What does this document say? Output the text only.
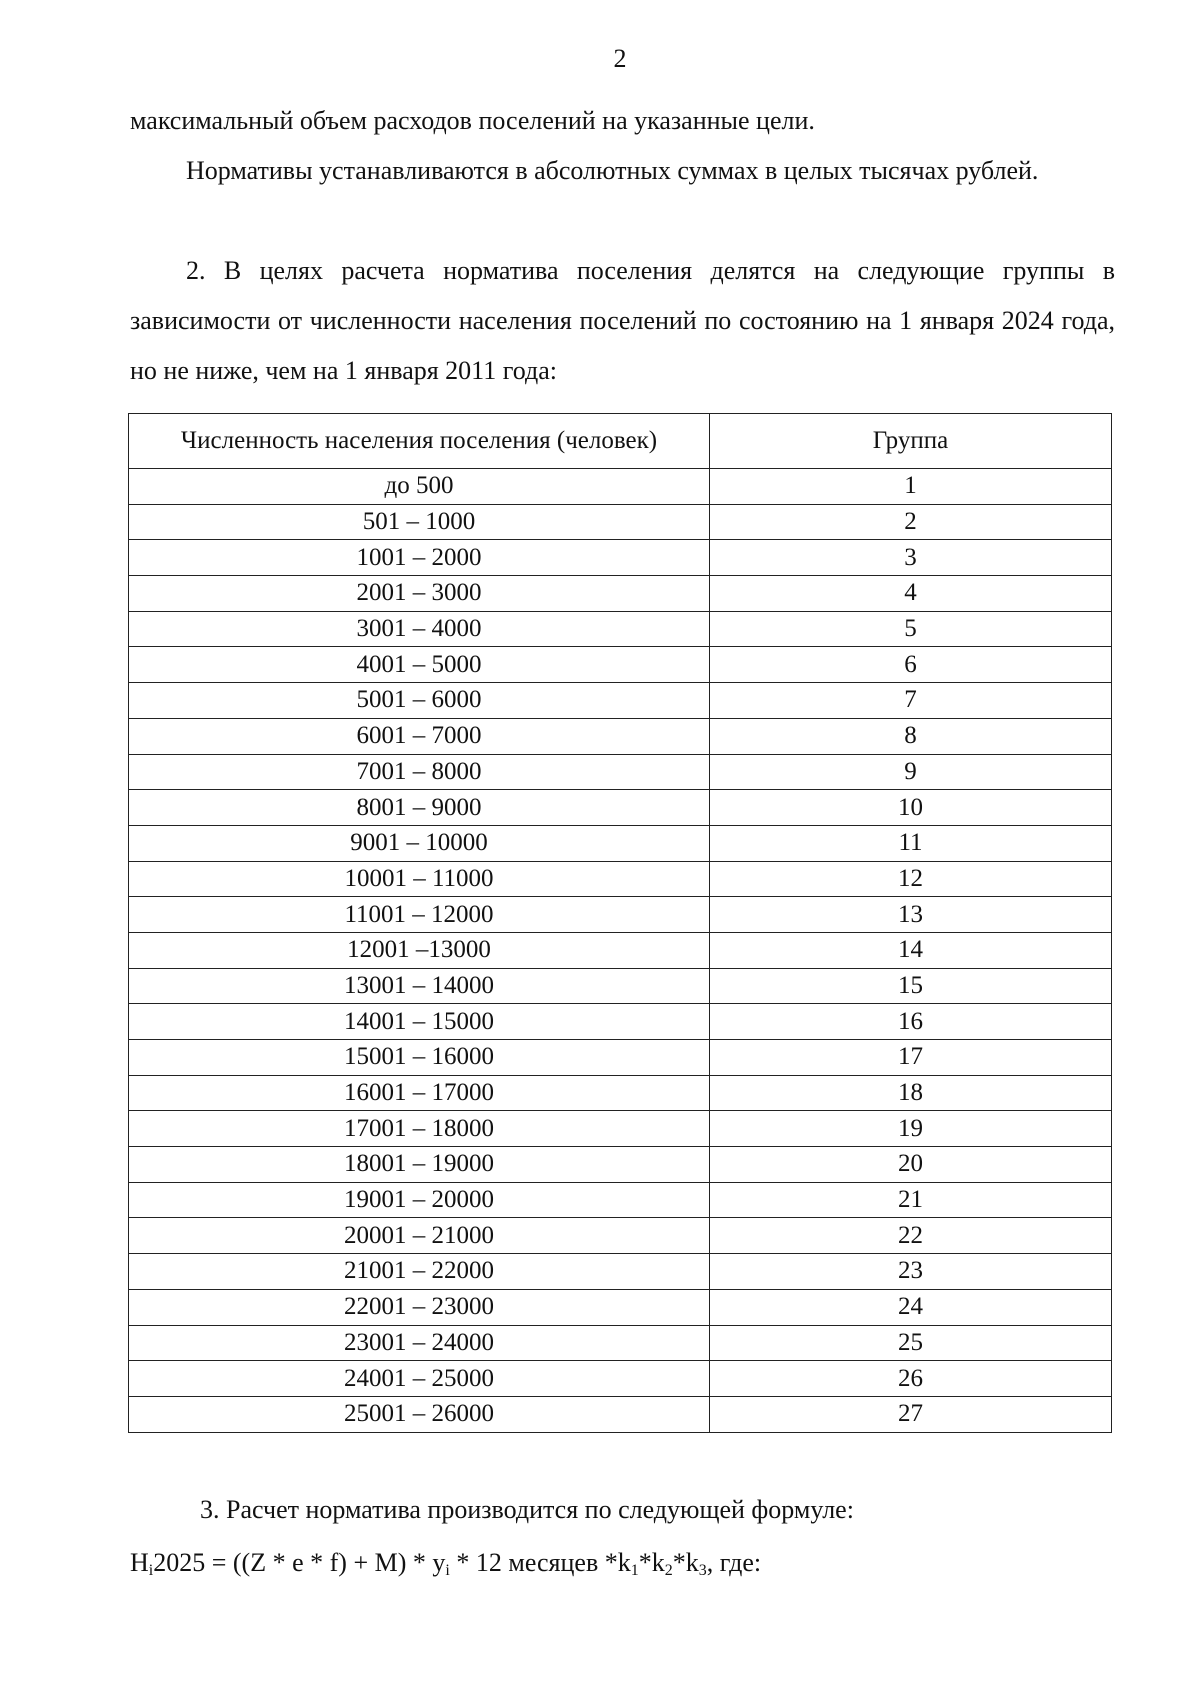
2

максимальный объем расходов поселений на указанные цели.

Нормативы устанавливаются в абсолютных суммах в целых тысячах рублей.

2. В целях расчета норматива поселения делятся на следующие группы в зависимости от численности населения поселений по состоянию на 1 января 2024 года, но не ниже, чем на 1 января 2011 года:

Численность населения поселения (человек)	Группа
до 500	1
501 – 1000	2
1001 – 2000	3
2001 – 3000	4
3001 – 4000	5
4001 – 5000	6
5001 – 6000	7
6001 – 7000	8
7001 – 8000	9
8001 – 9000	10
9001 – 10000	11
10001 – 11000	12
11001 – 12000	13
12001 –13000	14
13001 – 14000	15
14001 – 15000	16
15001 – 16000	17
16001 – 17000	18
17001 – 18000	19
18001 – 19000	20
19001 – 20000	21
20001 – 21000	22
21001 – 22000	23
22001 – 23000	24
23001 – 24000	25
24001 – 25000	26
25001 – 26000	27

3. Расчет норматива производится по следующей формуле:

$H_i2025 = ((Z * e * f) + M) * y_i * 12$ месяцев $*k_1*k_2*k_3$, где:
